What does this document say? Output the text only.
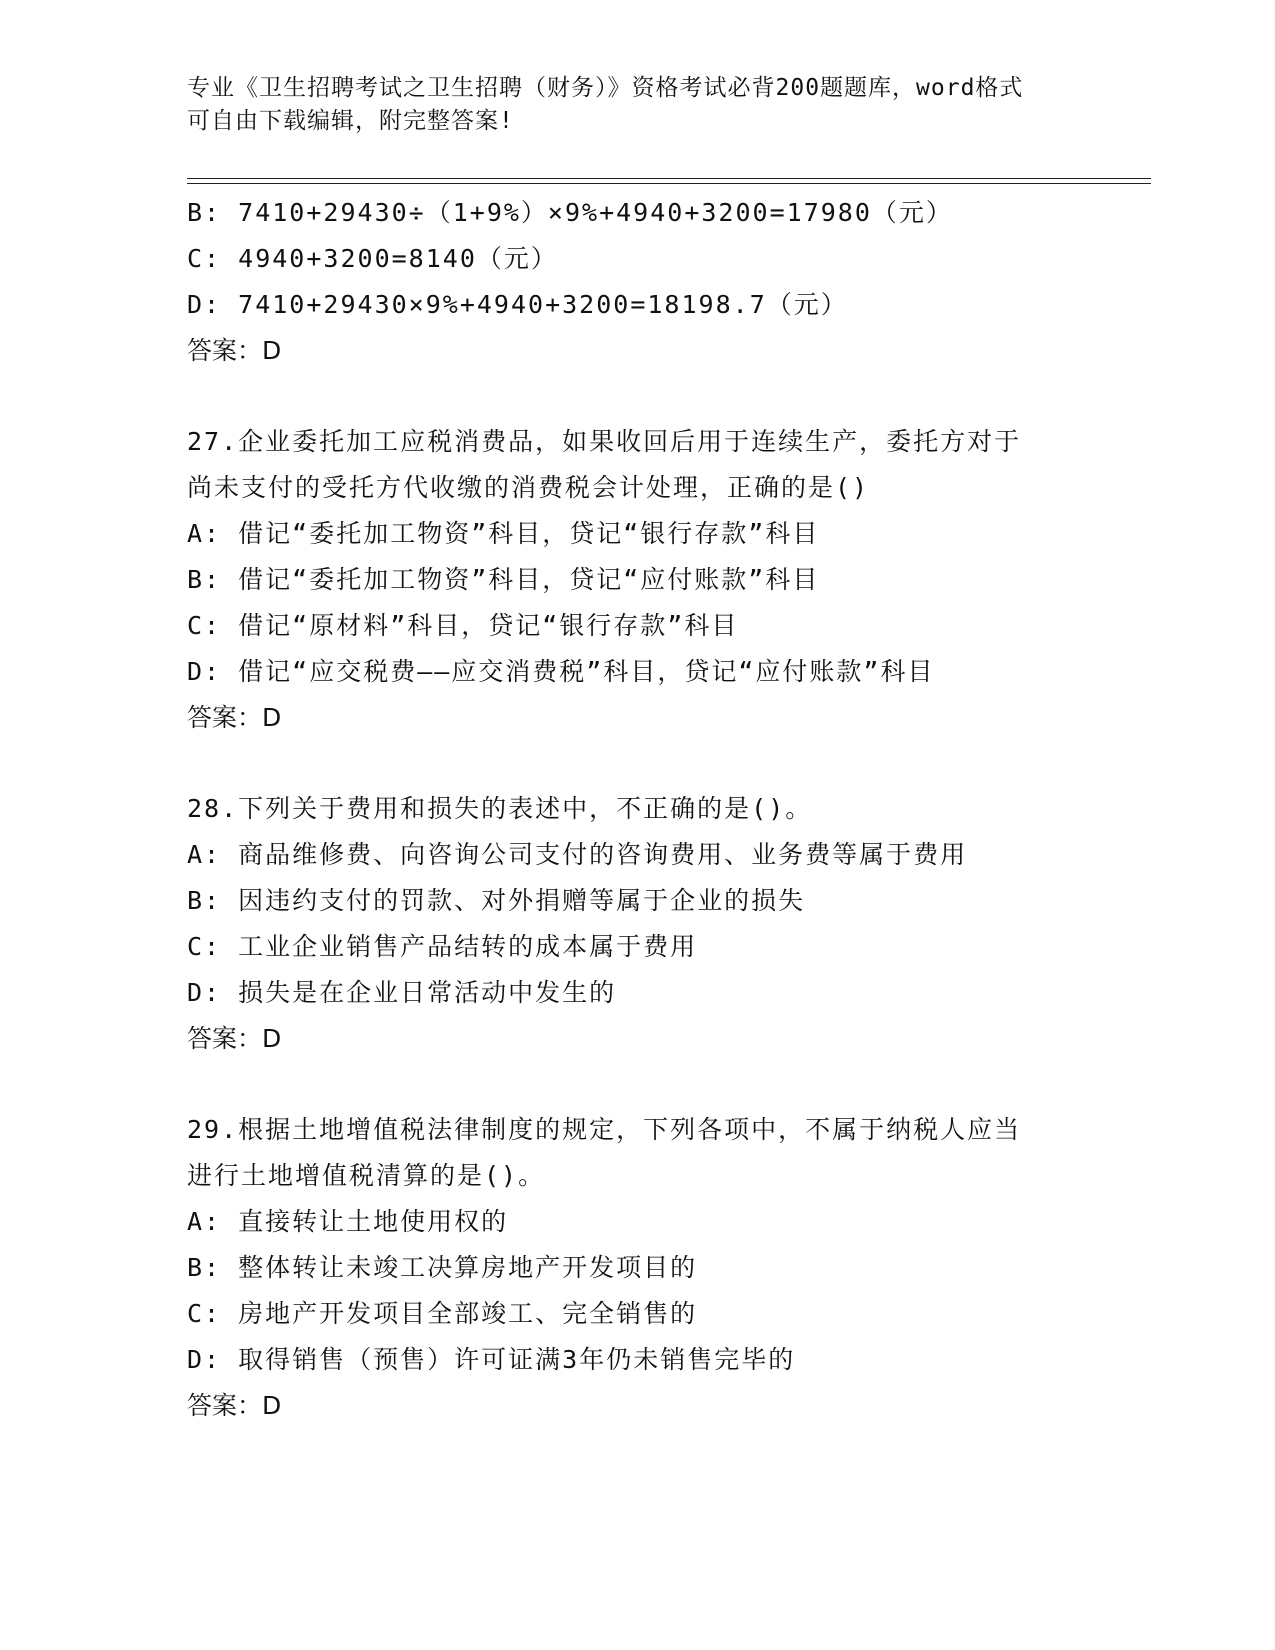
专业《卫生招聘考试之卫生招聘（财务）》资格考试必背200题题库，word格式
可自由下载编辑，附完整答案!
B: 7410+29430÷（1+9%）×9%+4940+3200=17980（元）
C: 4940+3200=8140（元）
D: 7410+29430×9%+4940+3200=18198.7（元）
答案：D
27.企业委托加工应税消费品，如果收回后用于连续生产，委托方对于
尚未支付的受托方代收缴的消费税会计处理，正确的是()
A: 借记“委托加工物资”科目，贷记“银行存款”科目
B: 借记“委托加工物资”科目，贷记“应付账款”科目
C: 借记“原材料”科目，贷记“银行存款”科目
D: 借记“应交税费——应交消费税”科目，贷记“应付账款”科目
答案：D
28.下列关于费用和损失的表述中，不正确的是()。
A: 商品维修费、向咨询公司支付的咨询费用、业务费等属于费用
B: 因违约支付的罚款、对外捐赠等属于企业的损失
C: 工业企业销售产品结转的成本属于费用
D: 损失是在企业日常活动中发生的
答案：D
29.根据土地增值税法律制度的规定，下列各项中，不属于纳税人应当
进行土地增值税清算的是()。
A: 直接转让土地使用权的
B: 整体转让未竣工决算房地产开发项目的
C: 房地产开发项目全部竣工、完全销售的
D: 取得销售（预售）许可证满3年仍未销售完毕的
答案：D
